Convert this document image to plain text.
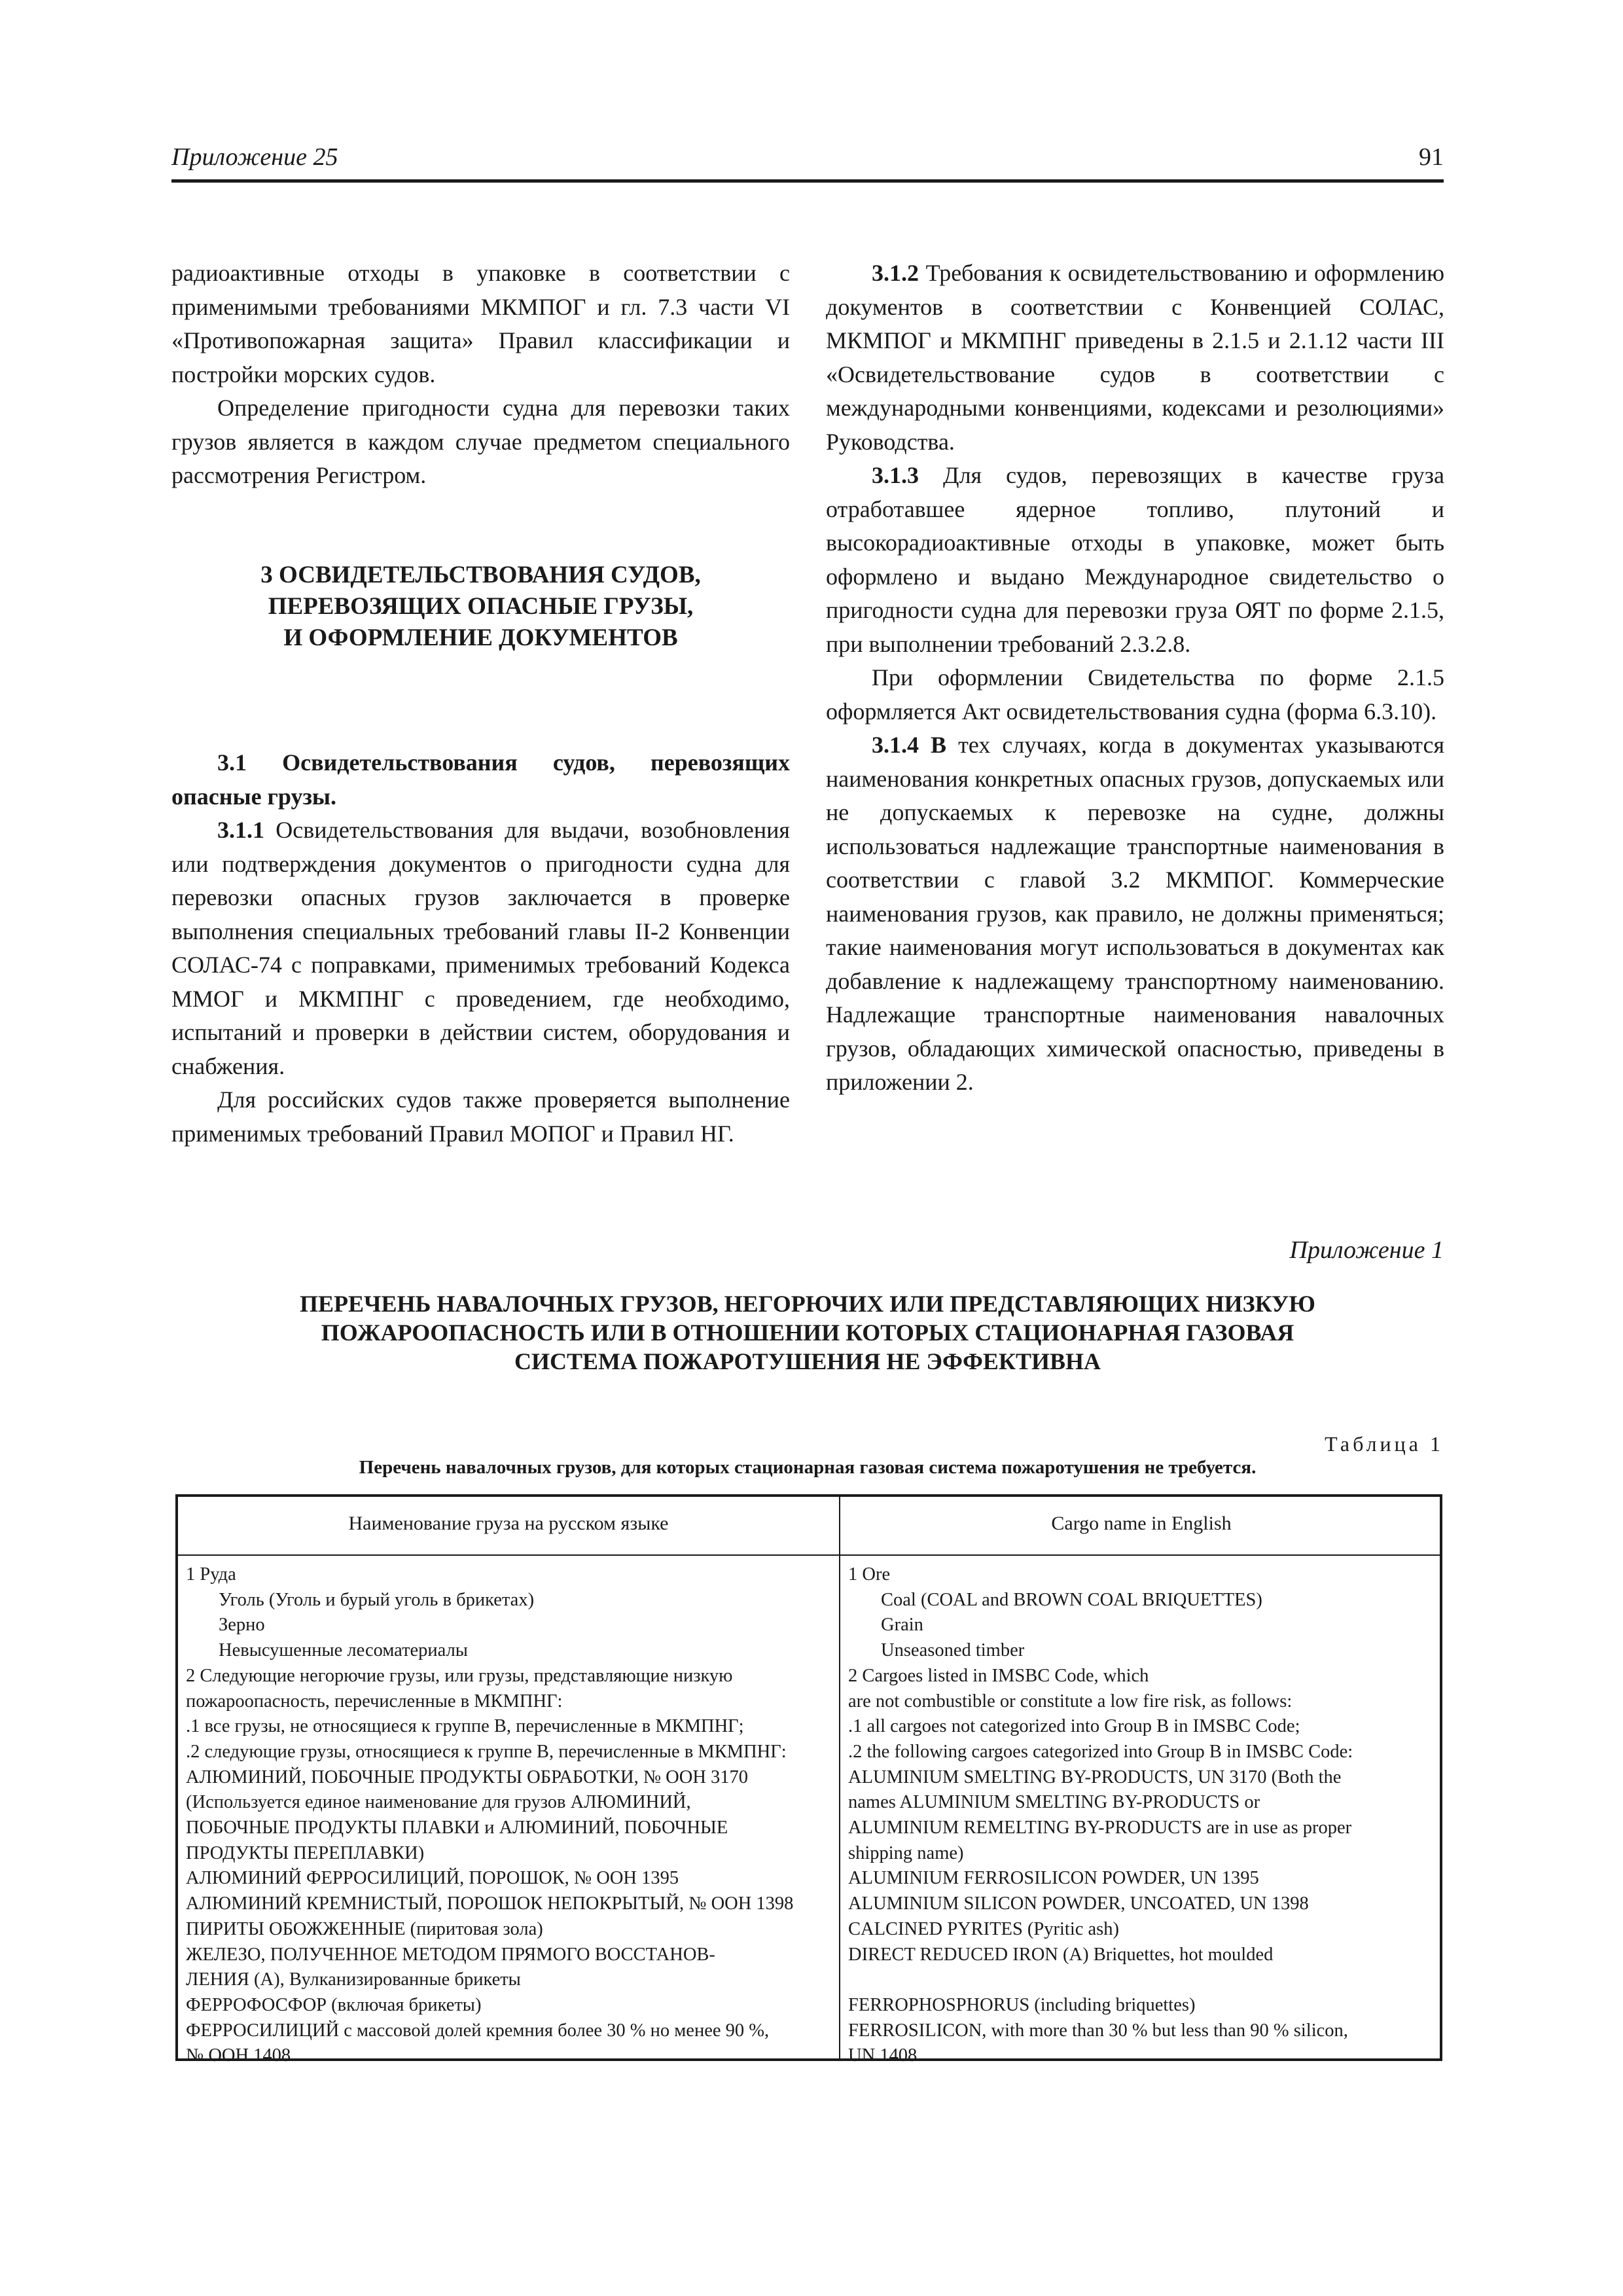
Приложение 25	91

радиоактивные отходы в упаковке в соответствии с применимыми требованиями МКМПОГ и гл. 7.3 части VI «Противопожарная защита» Правил классификации и постройки морских судов.

Определение пригодности судна для перевозки таких грузов является в каждом случае предметом специального рассмотрения Регистром.

3 ОСВИДЕТЕЛЬСТВОВАНИЯ СУДОВ,
ПЕРЕВОЗЯЩИХ ОПАСНЫЕ ГРУЗЫ,
И ОФОРМЛЕНИЕ ДОКУМЕНТОВ

3.1 Освидетельствования судов, перевозящих опасные грузы.

3.1.1 Освидетельствования для выдачи, возобновления или подтверждения документов о пригодности судна для перевозки опасных грузов заключается в проверке выполнения специальных требований главы II-2 Конвенции СОЛАС-74 с поправками, применимых требований Кодекса ММОГ и МКМПНГ с проведением, где необходимо, испытаний и проверки в действии систем, оборудования и снабжения.

Для российских судов также проверяется выполнение применимых требований Правил МОПОГ и Правил НГ.

3.1.2 Требования к освидетельствованию и оформлению документов в соответствии с Конвенцией СОЛАС, МКМПОГ и МКМПНГ приведены в 2.1.5 и 2.1.12 части III «Освидетельствование судов в соответствии с международными конвенциями, кодексами и резолюциями» Руководства.

3.1.3 Для судов, перевозящих в качестве груза отработавшее ядерное топливо, плутоний и высокорадиоактивные отходы в упаковке, может быть оформлено и выдано Международное свидетельство о пригодности судна для перевозки груза ОЯТ по форме 2.1.5, при выполнении требований 2.3.2.8.

При оформлении Свидетельства по форме 2.1.5 оформляется Акт освидетельствования судна (форма 6.3.10).

3.1.4 В тех случаях, когда в документах указываются наименования конкретных опасных грузов, допускаемых или не допускаемых к перевозке на судне, должны использоваться надлежащие транспортные наименования в соответствии с главой 3.2 МКМПОГ. Коммерческие наименования грузов, как правило, не должны применяться; такие наименования могут использоваться в документах как добавление к надлежащему транспортному наименованию. Надлежащие транспортные наименования навалочных грузов, обладающих химической опасностью, приведены в приложении 2.

Приложение 1
ПЕРЕЧЕНЬ НАВАЛОЧНЫХ ГРУЗОВ, НЕГОРЮЧИХ ИЛИ ПРЕДСТАВЛЯЮЩИХ НИЗКУЮ
ПОЖАРООПАСНОСТЬ ИЛИ В ОТНОШЕНИИ КОТОРЫХ СТАЦИОНАРНАЯ ГАЗОВАЯ
СИСТЕМА ПОЖАРОТУШЕНИЯ НЕ ЭФФЕКТИВНА
Таблица 1
Перечень навалочных грузов, для которых стационарная газовая система пожаротушения не требуется.
Наименование груза на русском языке	Cargo name in English
1 Руда
Уголь (Уголь и бурый уголь в брикетах)
Зерно
Невысушенные лесоматериалы
2 Следующие негорючие грузы, или грузы, представляющие низкую
пожароопасность, перечисленные в МКМПНГ:
.1 все грузы, не относящиеся к группе В, перечисленные в МКМПНГ;
.2 следующие грузы, относящиеся к группе В, перечисленные в МКМПНГ:
АЛЮМИНИЙ, ПОБОЧНЫЕ ПРОДУКТЫ ОБРАБОТКИ, № ООН 3170
(Используется единое наименование для грузов АЛЮМИНИЙ,
ПОБОЧНЫЕ ПРОДУКТЫ ПЛАВКИ и АЛЮМИНИЙ, ПОБОЧНЫЕ
ПРОДУКТЫ ПЕРЕПЛАВКИ)
АЛЮМИНИЙ ФЕРРОСИЛИЦИЙ, ПОРОШОК, № ООН 1395
АЛЮМИНИЙ КРЕМНИСТЫЙ, ПОРОШОК НЕПОКРЫТЫЙ, № ООН 1398
ПИРИТЫ ОБОЖЖЕННЫЕ (пиритовая зола)
ЖЕЛЕЗО, ПОЛУЧЕННОЕ МЕТОДОМ ПРЯМОГО ВОССТАНОВ-
ЛЕНИЯ (А), Вулканизированные брикеты
ФЕРРОФОСФОР (включая брикеты)
ФЕРРОСИЛИЦИЙ с массовой долей кремния более 30 % но менее 90 %,
№ ООН 1408
1 Ore
Coal (COAL and BROWN COAL BRIQUETTES)
Grain
Unseasoned timber
2 Cargoes listed in IMSBC Code, which
are not combustible or constitute a low fire risk, as follows:
.1 all cargoes not categorized into Group B in IMSBC Code;
.2 the following cargoes categorized into Group B in IMSBC Code:
ALUMINIUM SMELTING BY-PRODUCTS, UN 3170 (Both the
names ALUMINIUM SMELTING BY-PRODUCTS or
ALUMINIUM REMELTING BY-PRODUCTS are in use as proper
shipping name)
ALUMINIUM FERROSILICON POWDER, UN 1395
ALUMINIUM SILICON POWDER, UNCOATED, UN 1398
CALCINED PYRITES (Pyritic ash)
DIRECT REDUCED IRON (A) Briquettes, hot moulded
FERROPHOSPHORUS (including briquettes)
FERROSILICON, with more than 30 % but less than 90 % silicon,
UN 1408
